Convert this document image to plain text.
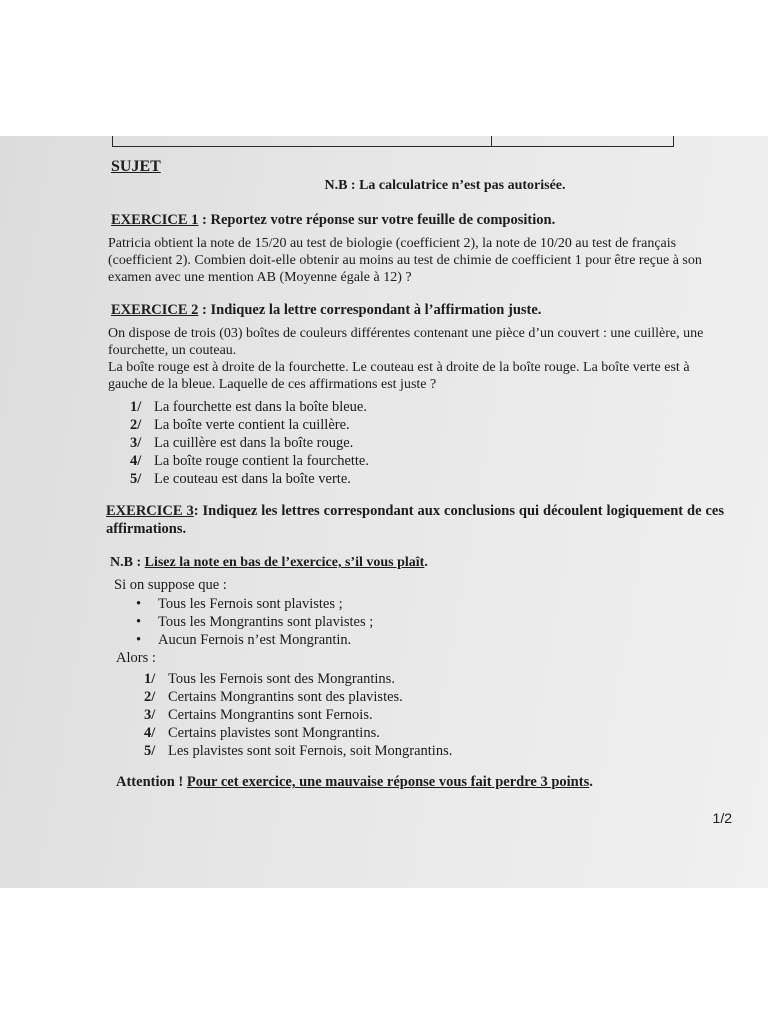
SUJET
N.B : La calculatrice n’est pas autorisée.
EXERCICE 1 : Reportez votre réponse sur votre feuille de composition.
Patricia obtient la note de 15/20 au test de biologie (coefficient 2), la note de 10/20 au test de français (coefficient 2). Combien doit-elle obtenir au moins au test de chimie de coefficient 1 pour être reçue à son examen avec une mention AB (Moyenne égale à 12) ?
EXERCICE 2 : Indiquez la lettre correspondant à l’affirmation juste.
On dispose de trois (03) boîtes de couleurs différentes contenant une pièce d’un couvert : une cuillère, une fourchette, un couteau.
La boîte rouge est à droite de la fourchette. Le couteau est à droite de la boîte rouge. La boîte verte est à gauche de la bleue. Laquelle de ces affirmations est juste ?
1/ La fourchette est dans la boîte bleue.
2/ La boîte verte contient la cuillère.
3/ La cuillère est dans la boîte rouge.
4/ La boîte rouge contient la fourchette.
5/ Le couteau est dans la boîte verte.
EXERCICE 3: Indiquez les lettres correspondant aux conclusions qui découlent logiquement de ces affirmations.
N.B : Lisez la note en bas de l’exercice, s’il vous plaît.
Si on suppose que :
• Tous les Fernois sont plavistes ;
• Tous les Mongrantins sont plavistes ;
• Aucun Fernois n’est Mongrantin.
Alors :
1/ Tous les Fernois sont des Mongrantins.
2/ Certains Mongrantins sont des plavistes.
3/ Certains Mongrantins sont Fernois.
4/ Certains plavistes sont Mongrantins.
5/ Les plavistes sont soit Fernois, soit Mongrantins.
Attention ! Pour cet exercice, une mauvaise réponse vous fait perdre 3 points.
1/2
